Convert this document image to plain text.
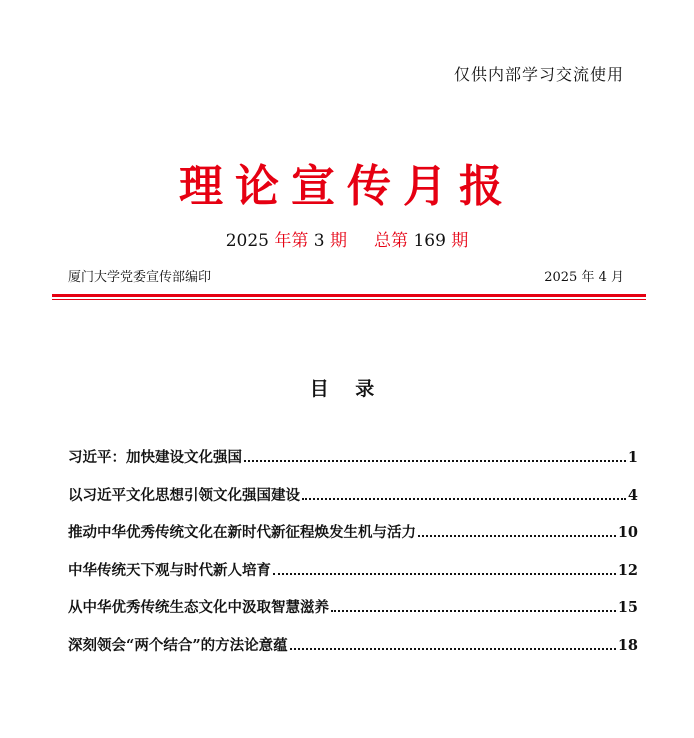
仅供内部学习交流使用
理论宣传月报
2025 年第 3 期 总第 169 期
厦门大学党委宣传部编印	2025 年 4 月
目 录
习近平：加快建设文化强国	1
以习近平文化思想引领文化强国建设	4
推动中华优秀传统文化在新时代新征程焕发生机与活力	10
中华传统天下观与时代新人培育	12
从中华优秀传统生态文化中汲取智慧滋养	15
深刻领会“两个结合”的方法论意蕴	18
